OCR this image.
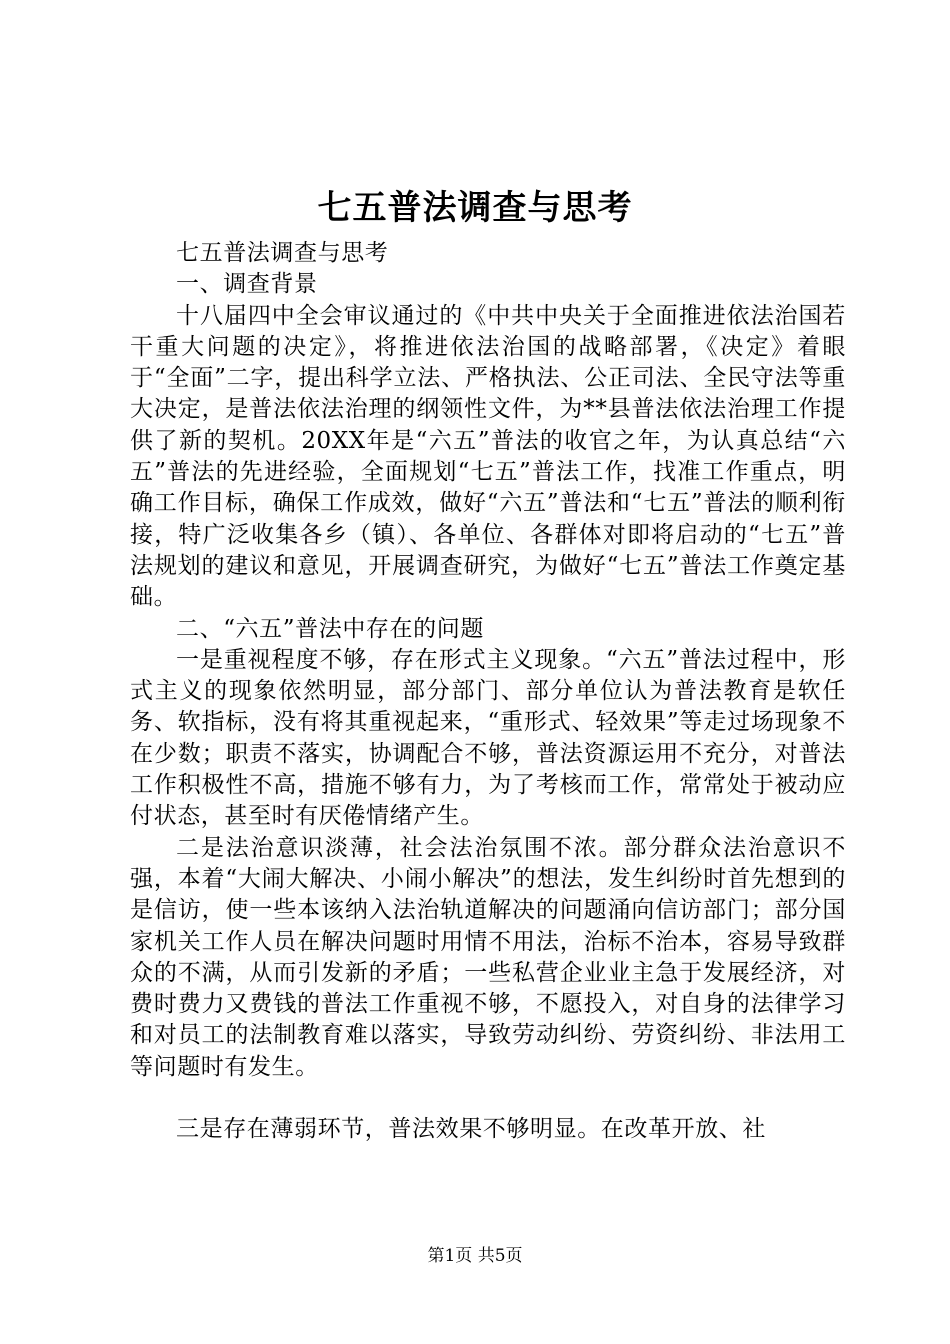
七五普法调查与思考

七五普法调查与思考

一、调查背景

十八届四中全会审议通过的《中共中央关于全面推进依法治国若干重大问题的决定》，将推进依法治国的战略部署，《决定》着眼于“全面”二字，提出科学立法、严格执法、公正司法、全民守法等重大决定，是普法依法治理的纲领性文件，为**县普法依法治理工作提供了新的契机。20XX年是“六五”普法的收官之年，为认真总结“六五”普法的先进经验，全面规划“七五”普法工作，找准工作重点，明确工作目标，确保工作成效，做好“六五”普法和“七五”普法的顺利衔接，特广泛收集各乡（镇）、各单位、各群体对即将启动的“七五”普法规划的建议和意见，开展调查研究，为做好“七五”普法工作奠定基础。

二、“六五”普法中存在的问题

一是重视程度不够，存在形式主义现象。“六五”普法过程中，形式主义的现象依然明显，部分部门、部分单位认为普法教育是软任务、软指标，没有将其重视起来，“重形式、轻效果”等走过场现象不在少数；职责不落实，协调配合不够，普法资源运用不充分，对普法工作积极性不高，措施不够有力，为了考核而工作，常常处于被动应付状态，甚至时有厌倦情绪产生。

二是法治意识淡薄，社会法治氛围不浓。部分群众法治意识不强，本着“大闹大解决、小闹小解决”的想法，发生纠纷时首先想到的是信访，使一些本该纳入法治轨道解决的问题涌向信访部门；部分国家机关工作人员在解决问题时用情不用法，治标不治本，容易导致群众的不满，从而引发新的矛盾；一些私营企业业主急于发展经济，对费时费力又费钱的普法工作重视不够，不愿投入，对自身的法律学习和对员工的法制教育难以落实，导致劳动纠纷、劳资纠纷、非法用工等问题时有发生。

三是存在薄弱环节，普法效果不够明显。在改革开放、社

第1页 共5页
